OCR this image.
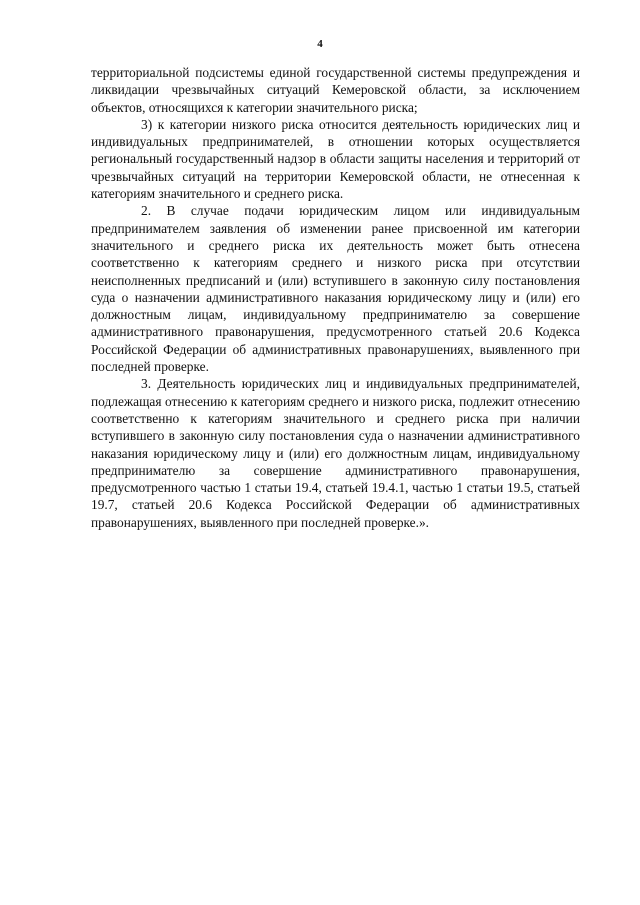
4

территориальной подсистемы единой государственной системы предупреждения и ликвидации чрезвычайных ситуаций Кемеровской области, за исключением объектов, относящихся к категории значительного риска;

3) к категории низкого риска относится деятельность юридических лиц и индивидуальных предпринимателей, в отношении которых осуществляется региональный государственный надзор в области защиты населения и территорий от чрезвычайных ситуаций на территории Кемеровской области, не отнесенная к категориям значительного и среднего риска.

2. В случае подачи юридическим лицом или индивидуальным предпринимателем заявления об изменении ранее присвоенной им категории значительного и среднего риска их деятельность может быть отнесена соответственно к категориям среднего и низкого риска при отсутствии неисполненных предписаний и (или) вступившего в законную силу постановления суда о назначении административного наказания юридическому лицу и (или) его должностным лицам, индивидуальному предпринимателю за совершение административного правонарушения, предусмотренного статьей 20.6 Кодекса Российской Федерации об административных правонарушениях, выявленного при последней проверке.

3. Деятельность юридических лиц и индивидуальных предпринимателей, подлежащая отнесению к категориям среднего и низкого риска, подлежит отнесению соответственно к категориям значительного и среднего риска при наличии вступившего в законную силу постановления суда о назначении административного наказания юридическому лицу и (или) его должностным лицам, индивидуальному предпринимателю за совершение административного правонарушения, предусмотренного частью 1 статьи 19.4, статьей 19.4.1, частью 1 статьи 19.5, статьей 19.7, статьей 20.6 Кодекса Российской Федерации об административных правонарушениях, выявленного при последней проверке.».
